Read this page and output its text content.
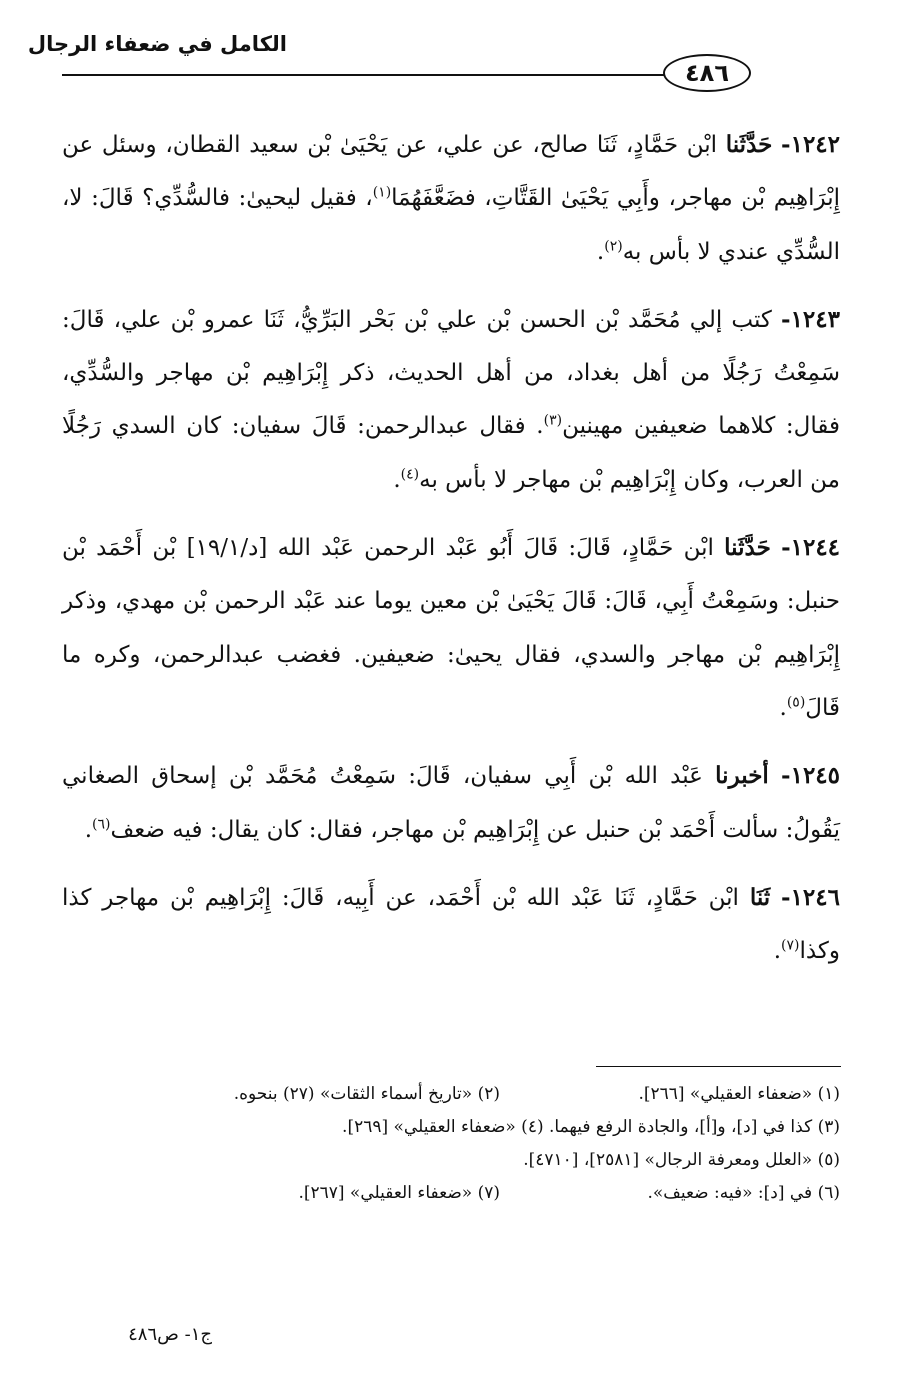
الكامل في ضعفاء الرجال
٤٨٦

١٢٤٢- حَدَّثَنا ابْن حَمَّادٍ، ثَنَا صالح، عن علي، عن يَحْيَىٰ بْن سعيد القطان، وسئل عن إِبْرَاهِيم بْن مهاجر، وأَبِي يَحْيَىٰ القَتَّاتِ، فضَعَّفَهُمَا$^{(١)}$، فقيل ليحيىٰ: فالسُّدِّي؟ قَالَ: لا، السُّدِّي عندي لا بأس به$^{(٢)}$.

١٢٤٣- كتب إلي مُحَمَّد بْن الحسن بْن علي بْن بَحْر البَرِّيُّ، ثَنَا عمرو بْن علي، قَالَ: سَمِعْتُ رَجُلًا من أهل بغداد، من أهل الحديث، ذكر إِبْرَاهِيم بْن مهاجر والسُّدِّي، فقال: كلاهما ضعيفين مهينين$^{(٣)}$. فقال عبدالرحمن: قَالَ سفيان: كان السدي رَجُلًا من العرب، وكان إِبْرَاهِيم بْن مهاجر لا بأس به$^{(٤)}$.

١٢٤٤- حَدَّثَنا ابْن حَمَّادٍ، قَالَ: قَالَ أَبُو عَبْد الرحمن عَبْد الله [د/١٩/١] بْن أَحْمَد بْن حنبل: وسَمِعْتُ أَبِي، قَالَ: قَالَ يَحْيَىٰ بْن معين يوما عند عَبْد الرحمن بْن مهدي، وذكر إِبْرَاهِيم بْن مهاجر والسدي، فقال يحيىٰ: ضعيفين. فغضب عبدالرحمن، وكره ما قَالَ$^{(٥)}$.

١٢٤٥- أخبرنا عَبْد الله بْن أَبِي سفيان، قَالَ: سَمِعْتُ مُحَمَّد بْن إسحاق الصغاني يَقُولُ: سألت أَحْمَد بْن حنبل عن إِبْرَاهِيم بْن مهاجر، فقال: كان يقال: فيه ضعف$^{(٦)}$.

١٢٤٦- ثَنَا ابْن حَمَّادٍ، ثَنَا عَبْد الله بْن أَحْمَد، عن أَبِيه، قَالَ: إِبْرَاهِيم بْن مهاجر كذا وكذا$^{(٧)}$.

(١) «ضعفاء العقيلي» [٢٦٦].
(٢) «تاريخ أسماء الثقات» (٢٧) بنحوه.
(٣) كذا في [د]، و[أ]، والجادة الرفع فيهما. (٤) «ضعفاء العقيلي» [٢٦٩].
(٥) «العلل ومعرفة الرجال» [٢٥٨١]، [٤٧١٠].
(٦) في [د]: «فيه: ضعيف».
(٧) «ضعفاء العقيلي» [٢٦٧].
ج١- ص٤٨٦
